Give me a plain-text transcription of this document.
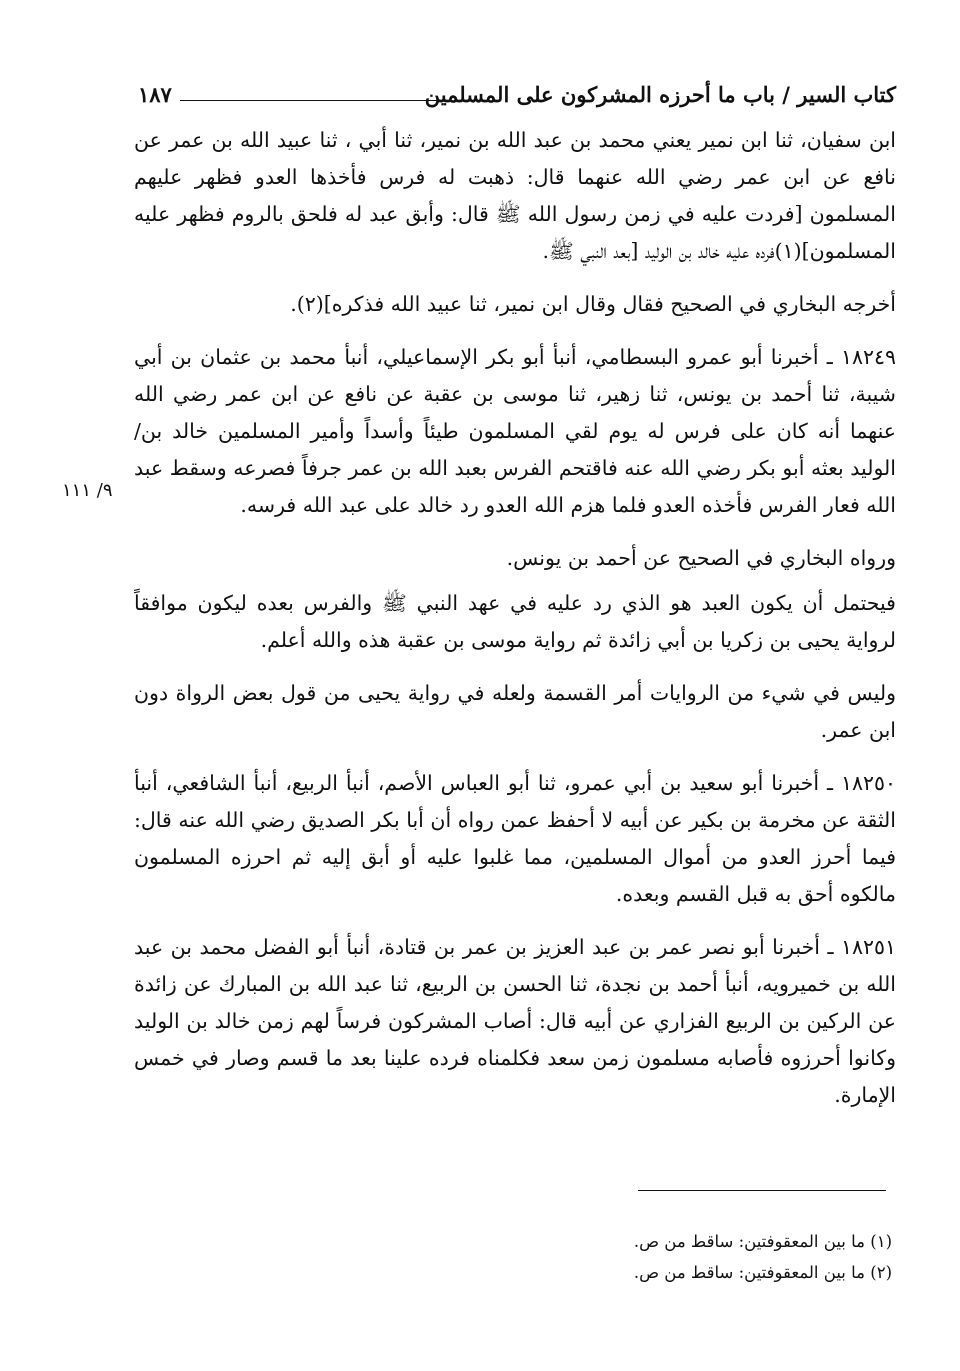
١٨٧	كتاب السير / باب ما أحرزه المشركون على المسلمين

ابن سفيان، ثنا ابن نمير يعني محمد بن عبد الله بن نمير، ثنا أبي ، ثنا عبيد الله بن عمر عن نافع عن ابن عمر رضي الله عنهما قال: ذهبت له فرس فأخذها العدو فظهر عليهم المسلمون [فردت عليه في زمن رسول الله ﷺ قال: وأبق عبد له فلحق بالروم فظهر عليه المسلمون](١)فرده عليه خالد بن الوليد [بعد النبي ﷺ.

أخرجه البخاري في الصحيح فقال وقال ابن نمير، ثنا عبيد الله فذكره](٢).

١٨٢٤٩ ـ أخبرنا أبو عمرو البسطامي، أنبأ أبو بكر الإسماعيلي، أنبأ محمد بن عثمان بن أبي شيبة، ثنا أحمد بن يونس، ثنا زهير، ثنا موسى بن عقبة عن نافع عن ابن عمر رضي الله عنهما أنه كان على فرس له يوم لقي المسلمون طيئاً وأسداً وأمير المسلمين خالد بن/ الوليد بعثه أبو بكر رضي الله عنه فاقتحم الفرس بعبد الله بن عمر جرفاً فصرعه وسقط عبد الله فعار الفرس فأخذه العدو فلما هزم الله العدو رد خالد على عبد الله فرسه.

ورواه البخاري في الصحيح عن أحمد بن يونس.

فيحتمل أن يكون العبد هو الذي رد عليه في عهد النبي ﷺ والفرس بعده ليكون موافقاً لرواية يحيى بن زكريا بن أبي زائدة ثم رواية موسى بن عقبة هذه والله أعلم.

وليس في شيء من الروايات أمر القسمة ولعله في رواية يحيى من قول بعض الرواة دون ابن عمر.

١٨٢٥٠ ـ أخبرنا أبو سعيد بن أبي عمرو، ثنا أبو العباس الأصم، أنبأ الربيع، أنبأ الشافعي، أنبأ الثقة عن مخرمة بن بكير عن أبيه لا أحفظ عمن رواه أن أبا بكر الصديق رضي الله عنه قال: فيما أحرز العدو من أموال المسلمين، مما غلبوا عليه أو أبق إليه ثم احرزه المسلمون مالكوه أحق به قبل القسم وبعده.

١٨٢٥١ ـ أخبرنا أبو نصر عمر بن عبد العزيز بن عمر بن قتادة، أنبأ أبو الفضل محمد بن عبد الله بن خميرويه، أنبأ أحمد بن نجدة، ثنا الحسن بن الربيع، ثنا عبد الله بن المبارك عن زائدة عن الركين بن الربيع الفزاري عن أبيه قال: أصاب المشركون فرساً لهم زمن خالد بن الوليد وكانوا أحرزوه فأصابه مسلمون زمن سعد فكلمناه فرده علينا بعد ما قسم وصار في خمس الإمارة.

٩/ ١١١
(١) ما بين المعقوفتين: ساقط من ص.
(٢) ما بين المعقوفتين: ساقط من ص.
